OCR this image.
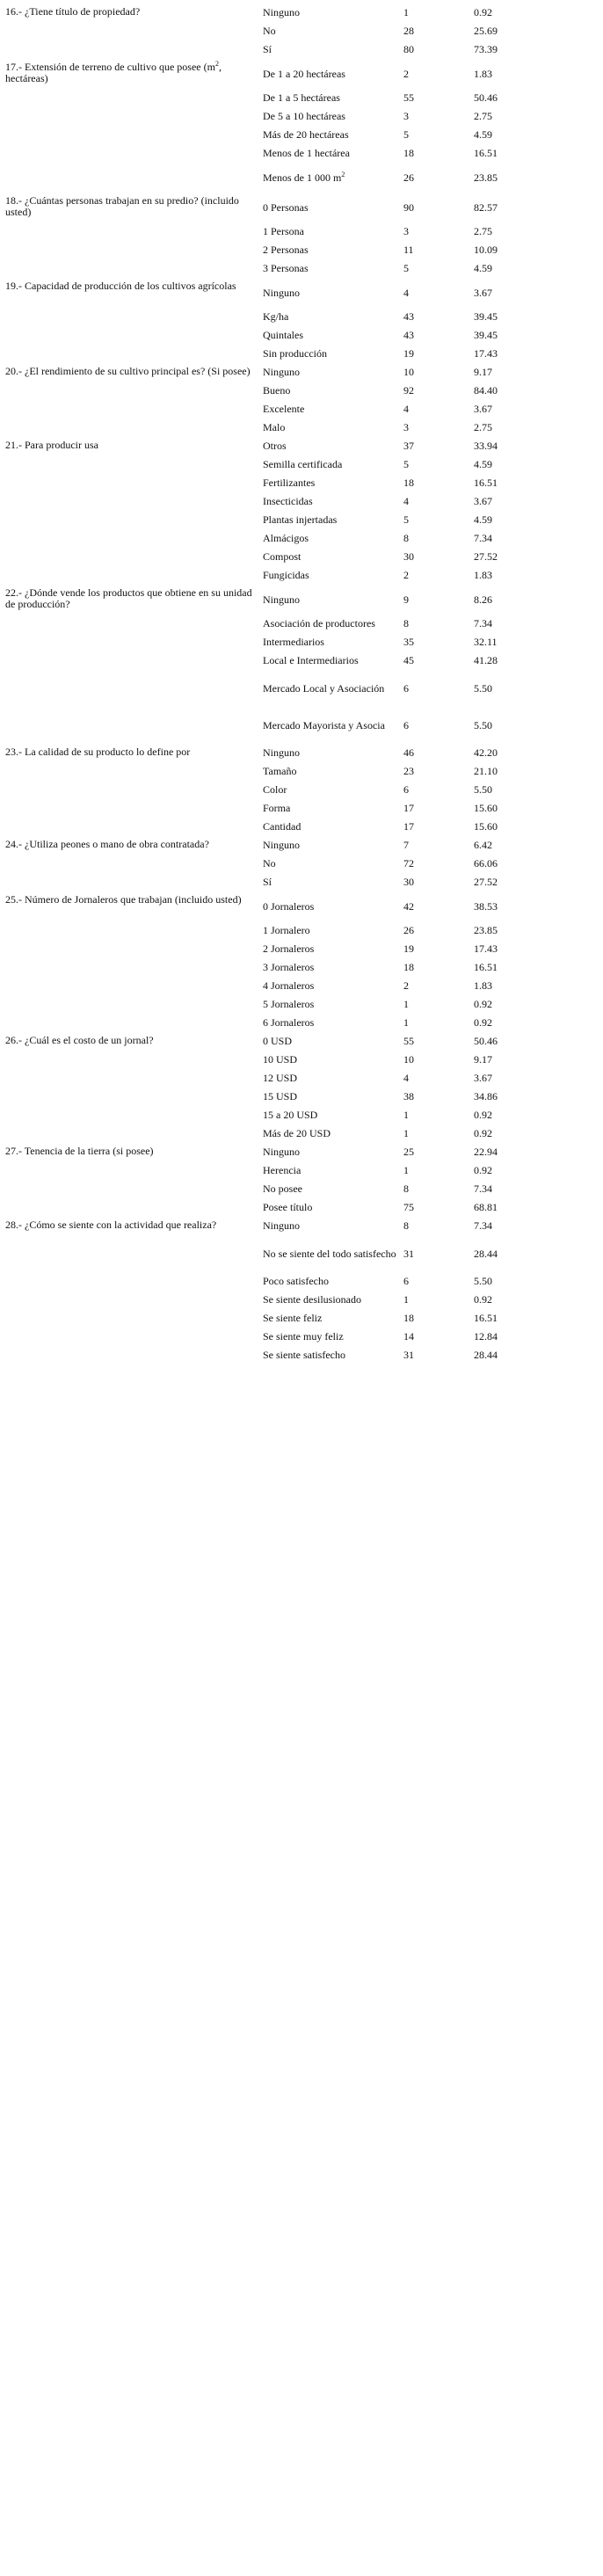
16.- ¿Tiene título de propiedad?	Ninguno	1	0.92
	No	28	25.69
	Sí	80	73.39
17.- Extensión de terreno de cultivo que posee ($m^2$, hectáreas)	De 1 a 20 hectáreas	2	1.83
	De 1 a 5 hectáreas	55	50.46
	De 5 a 10 hectáreas	3	2.75
	Más de 20 hectáreas	5	4.59
	Menos de 1 hectárea	18	16.51
	Menos de 1 000 $m^2$	26	23.85
18.- ¿Cuántas personas trabajan en su predio? (incluido usted)	0 Personas	90	82.57
	1 Persona	3	2.75
	2 Personas	11	10.09
	3 Personas	5	4.59
19.- Capacidad de producción de los cultivos agrícolas	Ninguno	4	3.67
	Kg/ha	43	39.45
	Quintales	43	39.45
	Sin producción	19	17.43
20.- ¿El rendimiento de su cultivo principal es? (Si posee)	Ninguno	10	9.17
	Bueno	92	84.40
	Excelente	4	3.67
	Malo	3	2.75
21.- Para producir usa	Otros	37	33.94
	Semilla certificada	5	4.59
	Fertilizantes	18	16.51
	Insecticidas	4	3.67
	Plantas injertadas	5	4.59
	Almácigos	8	7.34
	Compost	30	27.52
	Fungicidas	2	1.83
22.- ¿Dónde vende los productos que obtiene en su unidad de producción?	Ninguno	9	8.26
	Asociación de productores	8	7.34
	Intermediarios	35	32.11
	Local e Intermediarios	45	41.28
	Mercado Local y Asociación	6	5.50
	Mercado Mayorista y Asocia	6	5.50
23.- La calidad de su producto lo define por	Ninguno	46	42.20
	Tamaño	23	21.10
	Color	6	5.50
	Forma	17	15.60
	Cantidad	17	15.60
24.- ¿Utiliza peones o mano de obra contratada?	Ninguno	7	6.42
	No	72	66.06
	Sí	30	27.52
25.- Número de Jornaleros que trabajan (incluido usted)	0 Jornaleros	42	38.53
	1 Jornalero	26	23.85
	2 Jornaleros	19	17.43
	3 Jornaleros	18	16.51
	4 Jornaleros	2	1.83
	5 Jornaleros	1	0.92
	6 Jornaleros	1	0.92
26.- ¿Cuál es el costo de un jornal?	0 USD	55	50.46
	10 USD	10	9.17
	12 USD	4	3.67
	15 USD	38	34.86
	15 a 20 USD	1	0.92
	Más de 20 USD	1	0.92
27.- Tenencia de la tierra (si posee)	Ninguno	25	22.94
	Herencia	1	0.92
	No posee	8	7.34
	Posee título	75	68.81
28.- ¿Cómo se siente con la actividad que realiza?	Ninguno	8	7.34
	No se siente del todo satisfecho	31	28.44
	Poco satisfecho	6	5.50
	Se siente desilusionado	1	0.92
	Se siente feliz	18	16.51
	Se siente muy feliz	14	12.84
	Se siente satisfecho	31	28.44
